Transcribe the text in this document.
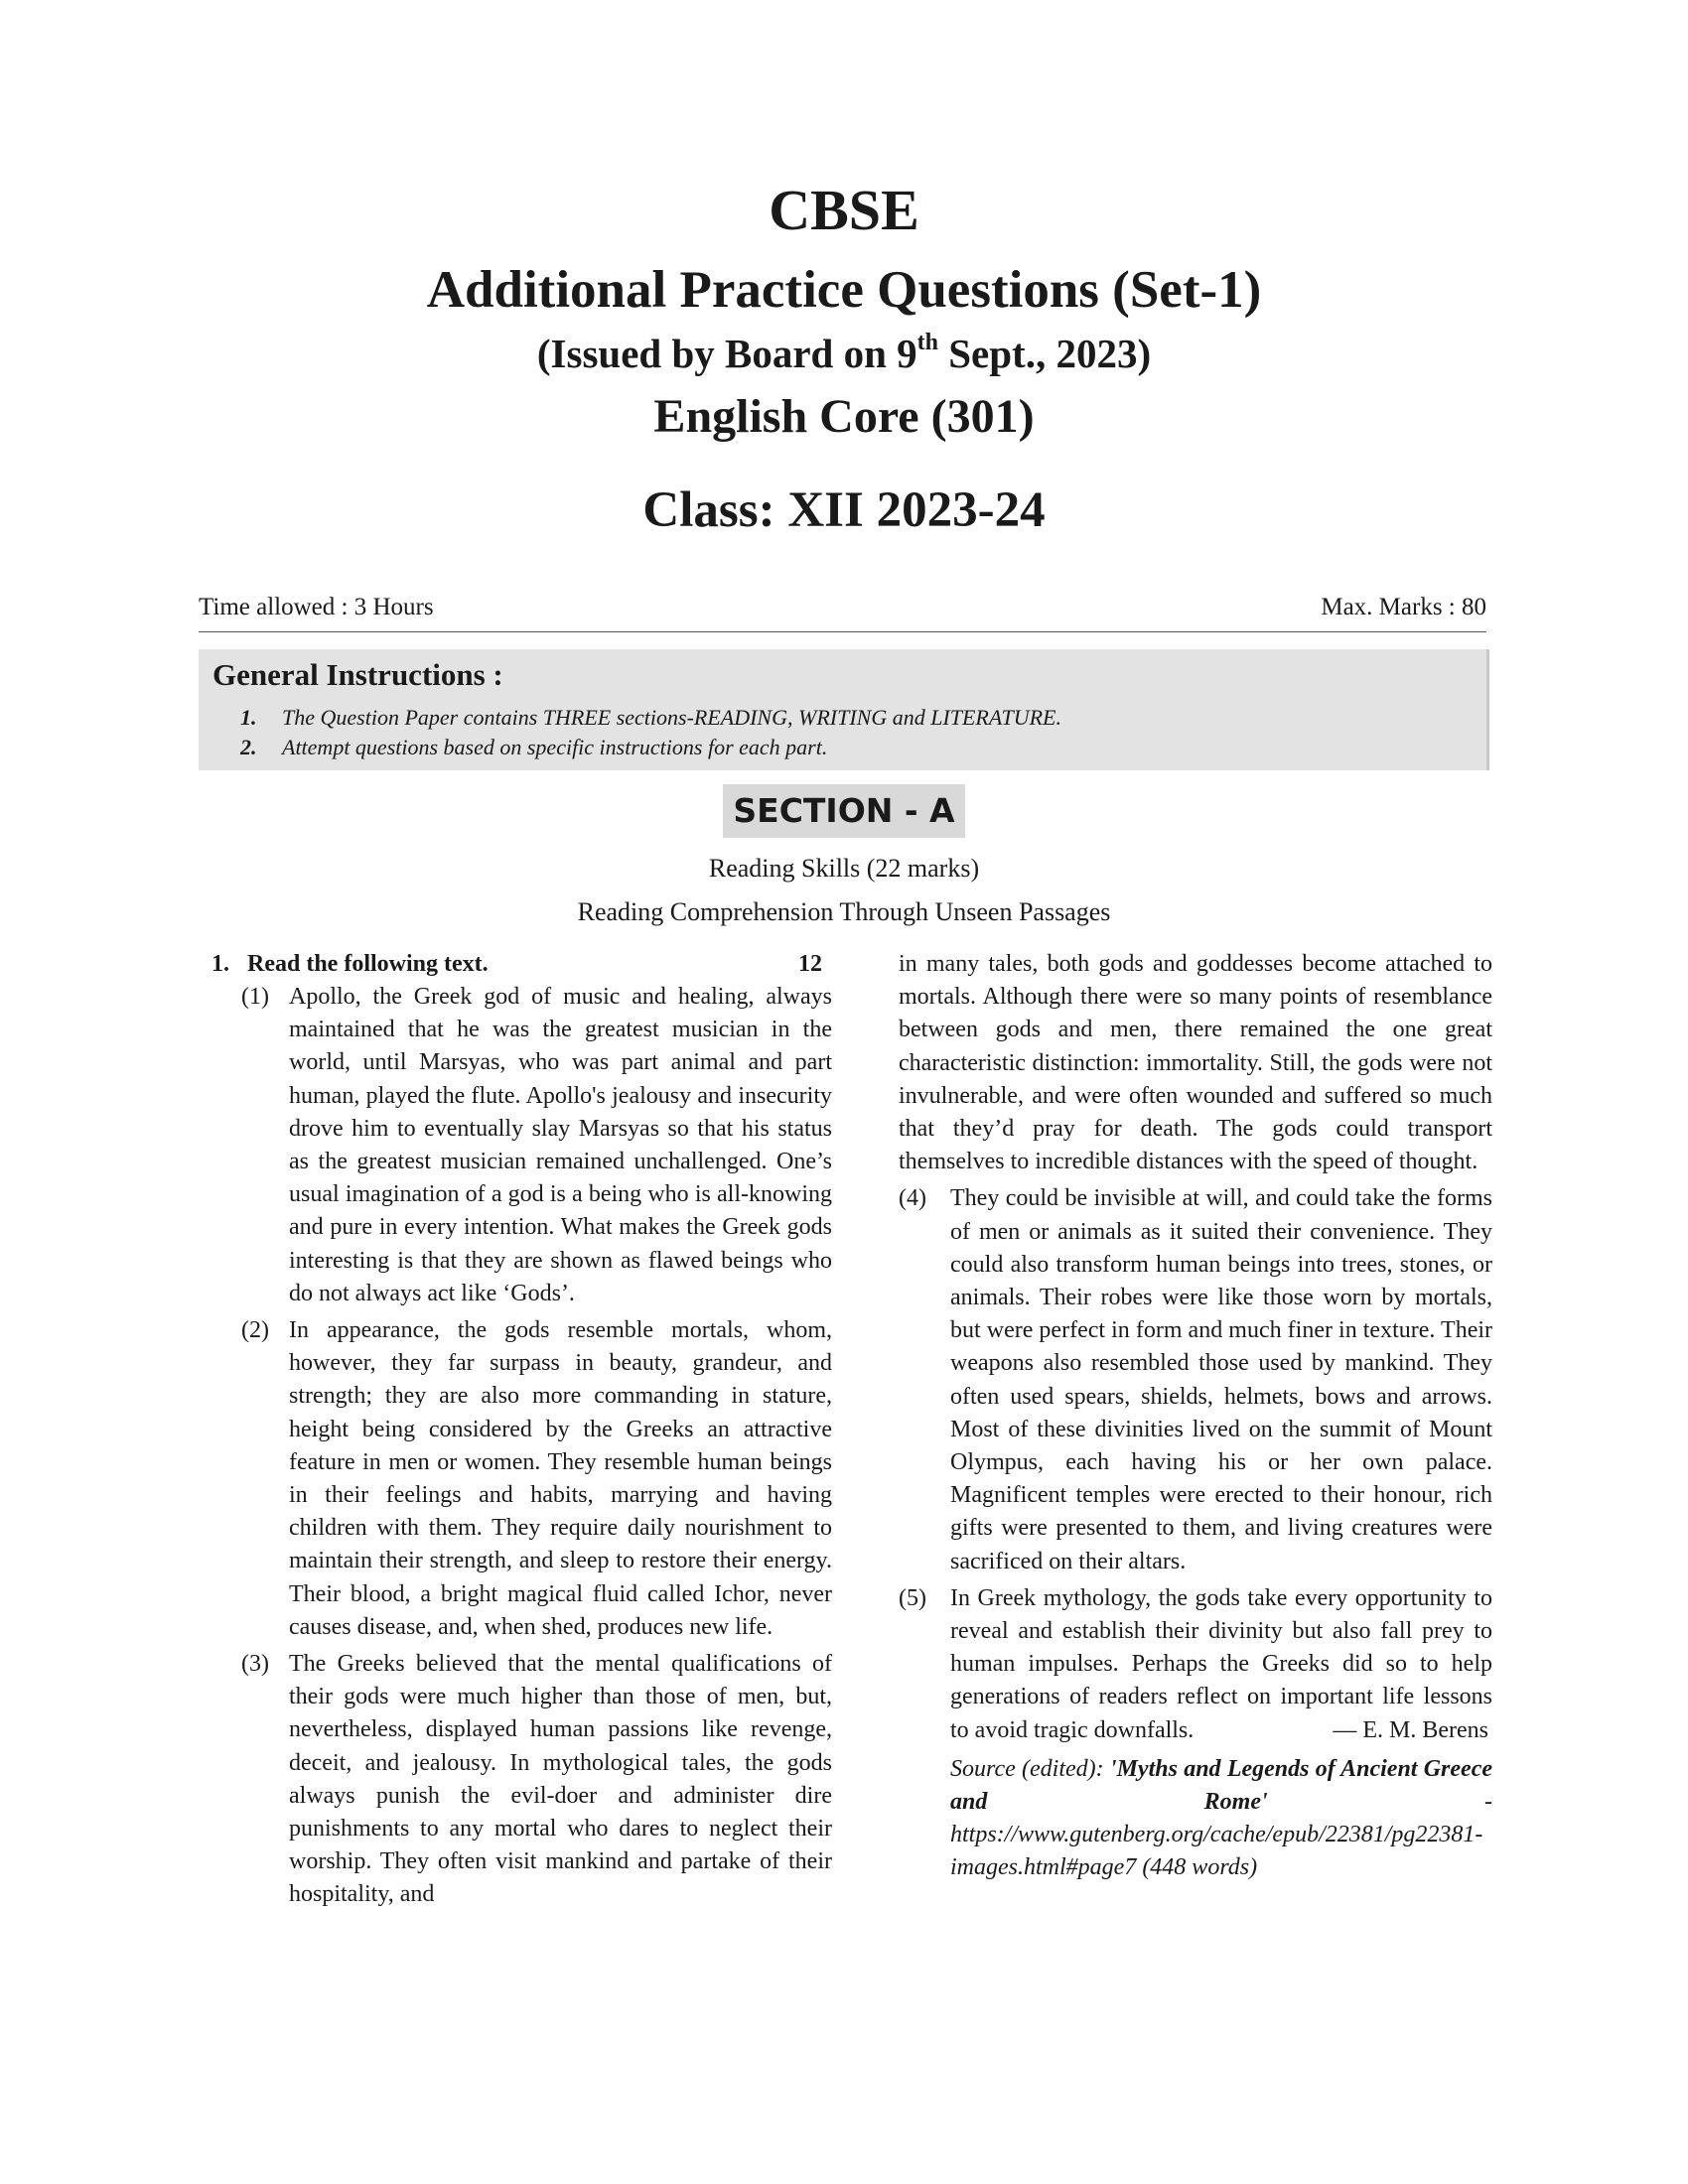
CBSE
Additional Practice Questions (Set-1)
(Issued by Board on 9th Sept., 2023)
English Core (301)
Class: XII 2023-24
Time allowed : 3 Hours	Max. Marks : 80
General Instructions :
1. The Question Paper contains THREE sections-READING, WRITING and LITERATURE.
2. Attempt questions based on specific instructions for each part.
SECTION - A
Reading Skills (22 marks)
Reading Comprehension Through Unseen Passages
1. Read the following text.	12
(1) Apollo, the Greek god of music and healing, always maintained that he was the greatest musician in the world, until Marsyas, who was part animal and part human, played the flute. Apollo's jealousy and insecurity drove him to eventually slay Marsyas so that his status as the greatest musician remained unchallenged. One’s usual imagination of a god is a being who is all-knowing and pure in every intention. What makes the Greek gods interesting is that they are shown as flawed beings who do not always act like ‘Gods’.
(2) In appearance, the gods resemble mortals, whom, however, they far surpass in beauty, grandeur, and strength; they are also more commanding in stature, height being considered by the Greeks an attractive feature in men or women. They resemble human beings in their feelings and habits, marrying and having children with them. They require daily nourishment to maintain their strength, and sleep to restore their energy. Their blood, a bright magical fluid called Ichor, never causes disease, and, when shed, produces new life.
(3) The Greeks believed that the mental qualifications of their gods were much higher than those of men, but, nevertheless, displayed human passions like revenge, deceit, and jealousy. In mythological tales, the gods always punish the evil-doer and administer dire punishments to any mortal who dares to neglect their worship. They often visit mankind and partake of their hospitality, and
in many tales, both gods and goddesses become attached to mortals. Although there were so many points of resemblance between gods and men, there remained the one great characteristic distinction: immortality. Still, the gods were not invulnerable, and were often wounded and suffered so much that they’d pray for death. The gods could transport themselves to incredible distances with the speed of thought.
(4) They could be invisible at will, and could take the forms of men or animals as it suited their convenience. They could also transform human beings into trees, stones, or animals. Their robes were like those worn by mortals, but were perfect in form and much finer in texture. Their weapons also resembled those used by mankind. They often used spears, shields, helmets, bows and arrows. Most of these divinities lived on the summit of Mount Olympus, each having his or her own palace. Magnificent temples were erected to their honour, rich gifts were presented to them, and living creatures were sacrificed on their altars.
(5) In Greek mythology, the gods take every opportunity to reveal and establish their divinity but also fall prey to human impulses. Perhaps the Greeks did so to help generations of readers reflect on important life lessons to avoid tragic downfalls.	— E. M. Berens
Source (edited): 'Myths and Legends of Ancient Greece and Rome' - https://www.gutenberg.org/cache/epub/22381/pg22381-images.html#page7 (448 words)
